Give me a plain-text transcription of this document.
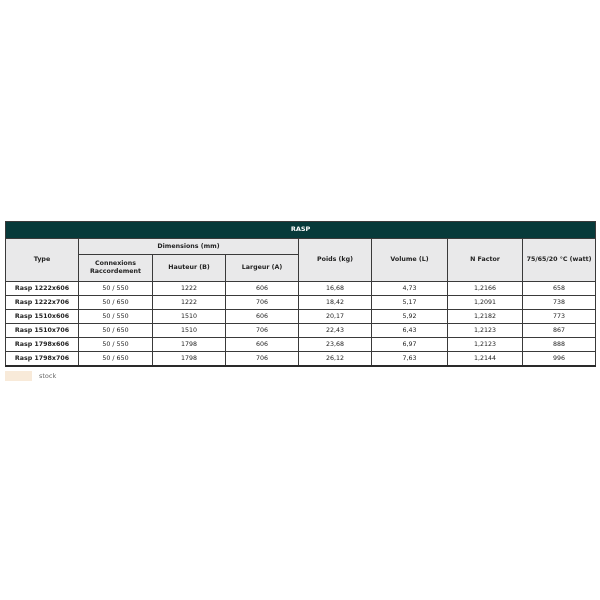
RASP							
Type	Dimensions (mm)			Poids (kg)	Volume (L)	N Factor	75/65/20 °C (watt)
	Connexions Raccordement	Hauteur (B)	Largeur (A)				
Rasp 1222x606	50 / 550	1222	606	16,68	4,73	1,2166	658
Rasp 1222x706	50 / 650	1222	706	18,42	5,17	1,2091	738
Rasp 1510x606	50 / 550	1510	606	20,17	5,92	1,2182	773
Rasp 1510x706	50 / 650	1510	706	22,43	6,43	1,2123	867
Rasp 1798x606	50 / 550	1798	606	23,68	6,97	1,2123	888
Rasp 1798x706	50 / 650	1798	706	26,12	7,63	1,2144	996
stock
